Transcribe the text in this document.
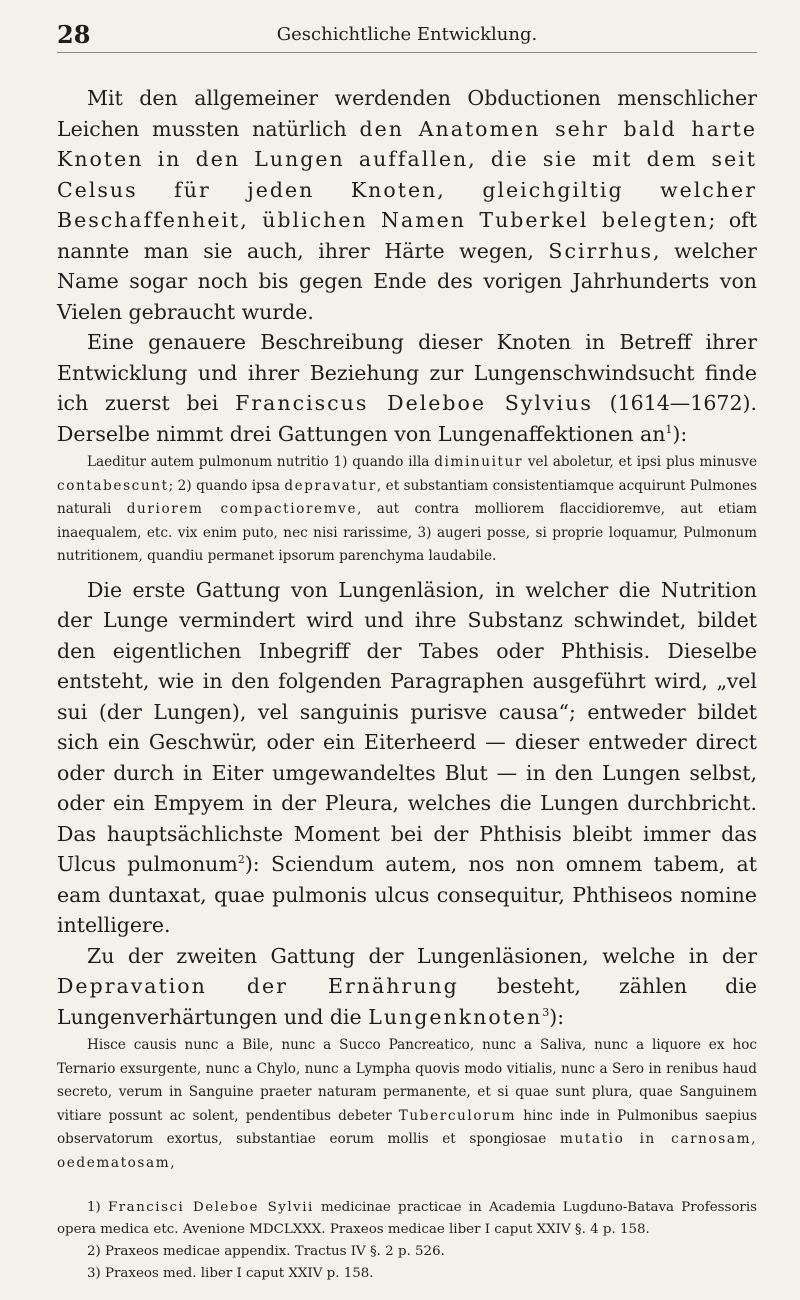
28	Geschichtliche Entwicklung.

Mit den allgemeiner werdenden Obductionen menschlicher Leichen mussten natürlich den Anatomen sehr bald harte Knoten in den Lungen auffallen, die sie mit dem seit Celsus für jeden Knoten, gleichgiltig welcher Beschaffenheit, üblichen Namen Tuberkel belegten; oft nannte man sie auch, ihrer Härte wegen, Scirrhus, welcher Name sogar noch bis gegen Ende des vorigen Jahrhunderts von Vielen gebraucht wurde.

Eine genauere Beschreibung dieser Knoten in Betreff ihrer Entwicklung und ihrer Beziehung zur Lungenschwindsucht finde ich zuerst bei Franciscus Deleboe Sylvius (1614—1672). Derselbe nimmt drei Gattungen von Lungenaffektionen $an^1$):

Laeditur autem pulmonum nutritio 1) quando illa diminuitur vel aboletur, et ipsi plus minusve contabescunt; 2) quando ipsa depravatur, et substantiam consistentiamque acquirunt Pulmones naturali duriorem compactioremve, aut contra molliorem flaccidioremve, aut etiam inaequalem, etc. vix enim puto, nec nisi rarissime, 3) augeri posse, si proprie loquamur, Pulmonum nutritionem, quandiu permanet ipsorum parenchyma laudabile.

Die erste Gattung von Lungenläsion, in welcher die Nutrition der Lunge vermindert wird und ihre Substanz schwindet, bildet den eigentlichen Inbegriff der Tabes oder Phthisis. Dieselbe entsteht, wie in den folgenden Paragraphen ausgeführt wird, „vel sui (der Lungen), vel sanguinis purisve causa“; entweder bildet sich ein Geschwür, oder ein Eiterheerd — dieser entweder direct oder durch in Eiter umgewandeltes Blut — in den Lungen selbst, oder ein Empyem in der Pleura, welches die Lungen durchbricht. Das hauptsächlichste Moment bei der Phthisis bleibt immer das Ulcus pulmonum$^2$): Sciendum autem, nos non omnem tabem, at eam duntaxat, quae pulmonis ulcus consequitur, Phthiseos nomine intelligere.

Zu der zweiten Gattung der Lungenläsionen, welche in der Depravation der Ernährung besteht, zählen die Lungenverhärtungen und die Lungenknoten$^3$):

Hisce causis nunc a Bile, nunc a Succo Pancreatico, nunc a Saliva, nunc a liquore ex hoc Ternario exsurgente, nunc a Chylo, nunc a Lympha quovis modo vitialis, nunc a Sero in renibus haud secreto, verum in Sanguine praeter naturam permanente, et si quae sunt plura, quae Sanguinem vitiare possunt ac solent, pendentibus debeter Tuberculorum hinc inde in Pulmonibus saepius observatorum exortus, substantiae eorum mollis et spongiosae mutatio in carnosam, oedematosam,

1) Francisci Deleboe Sylvii medicinae practicae in Academia Lugduno-Batava Professoris opera medica etc. Avenione MDCLXXX. Praxeos medicae liber I caput XXIV §. 4 p. 158.

2) Praxeos medicae appendix. Tractus IV §. 2 p. 526.

3) Praxeos med. liber I caput XXIV p. 158.
